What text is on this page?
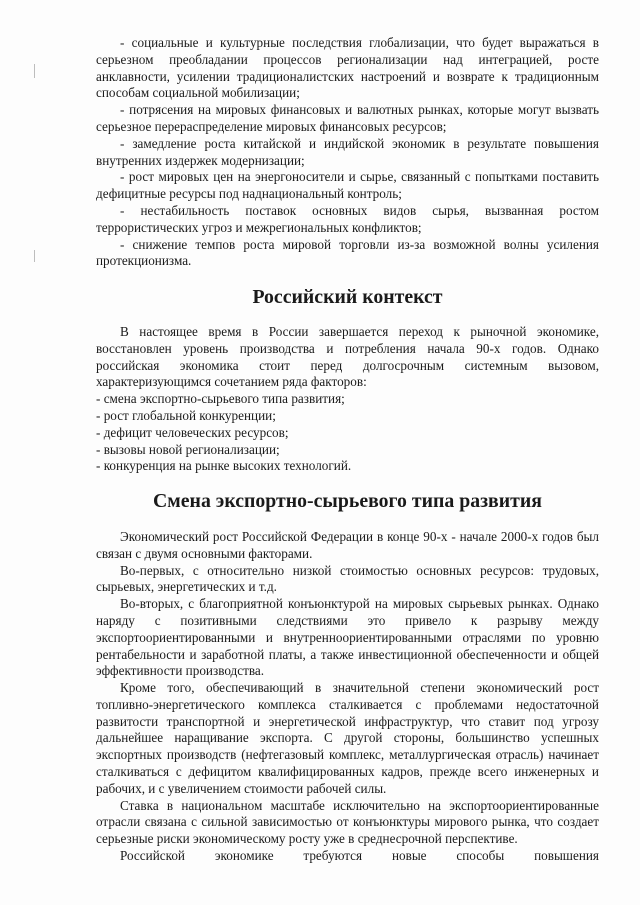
- социальные и культурные последствия глобализации, что будет выражаться в серьезном преобладании процессов регионализации над интеграцией, росте анклавности, усилении традиционалистских настроений и возврате к традиционным способам социальной мобилизации;

- потрясения на мировых финансовых и валютных рынках, которые могут вызвать серьезное перераспределение мировых финансовых ресурсов;

- замедление роста китайской и индийской экономик в результате повышения внутренних издержек модернизации;

- рост мировых цен на энергоносители и сырье, связанный с попытками поставить дефицитные ресурсы под наднациональный контроль;

- нестабильность поставок основных видов сырья, вызванная ростом террористических угроз и межрегиональных конфликтов;

- снижение темпов роста мировой торговли из-за возможной волны усиления протекционизма.

Российский контекст

В настоящее время в России завершается переход к рыночной экономике, восстановлен уровень производства и потребления начала 90-х годов. Однако российская экономика стоит перед долгосрочным системным вызовом, характеризующимся сочетанием ряда факторов:

- смена экспортно-сырьевого типа развития;

- рост глобальной конкуренции;

- дефицит человеческих ресурсов;

- вызовы новой регионализации;

- конкуренция на рынке высоких технологий.

Смена экспортно-сырьевого типа развития

Экономический рост Российской Федерации в конце 90-х - начале 2000-х годов был связан с двумя основными факторами.

Во-первых, с относительно низкой стоимостью основных ресурсов: трудовых, сырьевых, энергетических и т.д.

Во-вторых, с благоприятной конъюнктурой на мировых сырьевых рынках. Однако наряду с позитивными следствиями это привело к разрыву между экспортоориентированными и внутренноориентированными отраслями по уровню рентабельности и заработной платы, а также инвестиционной обеспеченности и общей эффективности производства.

Кроме того, обеспечивающий в значительной степени экономический рост топливно-энергетического комплекса сталкивается с проблемами недостаточной развитости транспортной и энергетической инфраструктур, что ставит под угрозу дальнейшее наращивание экспорта. С другой стороны, большинство успешных экспортных производств (нефтегазовый комплекс, металлургическая отрасль) начинает сталкиваться с дефицитом квалифицированных кадров, прежде всего инженерных и рабочих, и с увеличением стоимости рабочей силы.

Ставка в национальном масштабе исключительно на экспортоориентированные отрасли связана с сильной зависимостью от конъюнктуры мирового рынка, что создает серьезные риски экономическому росту уже в среднесрочной перспективе.

Российской экономике требуются новые способы повышения
